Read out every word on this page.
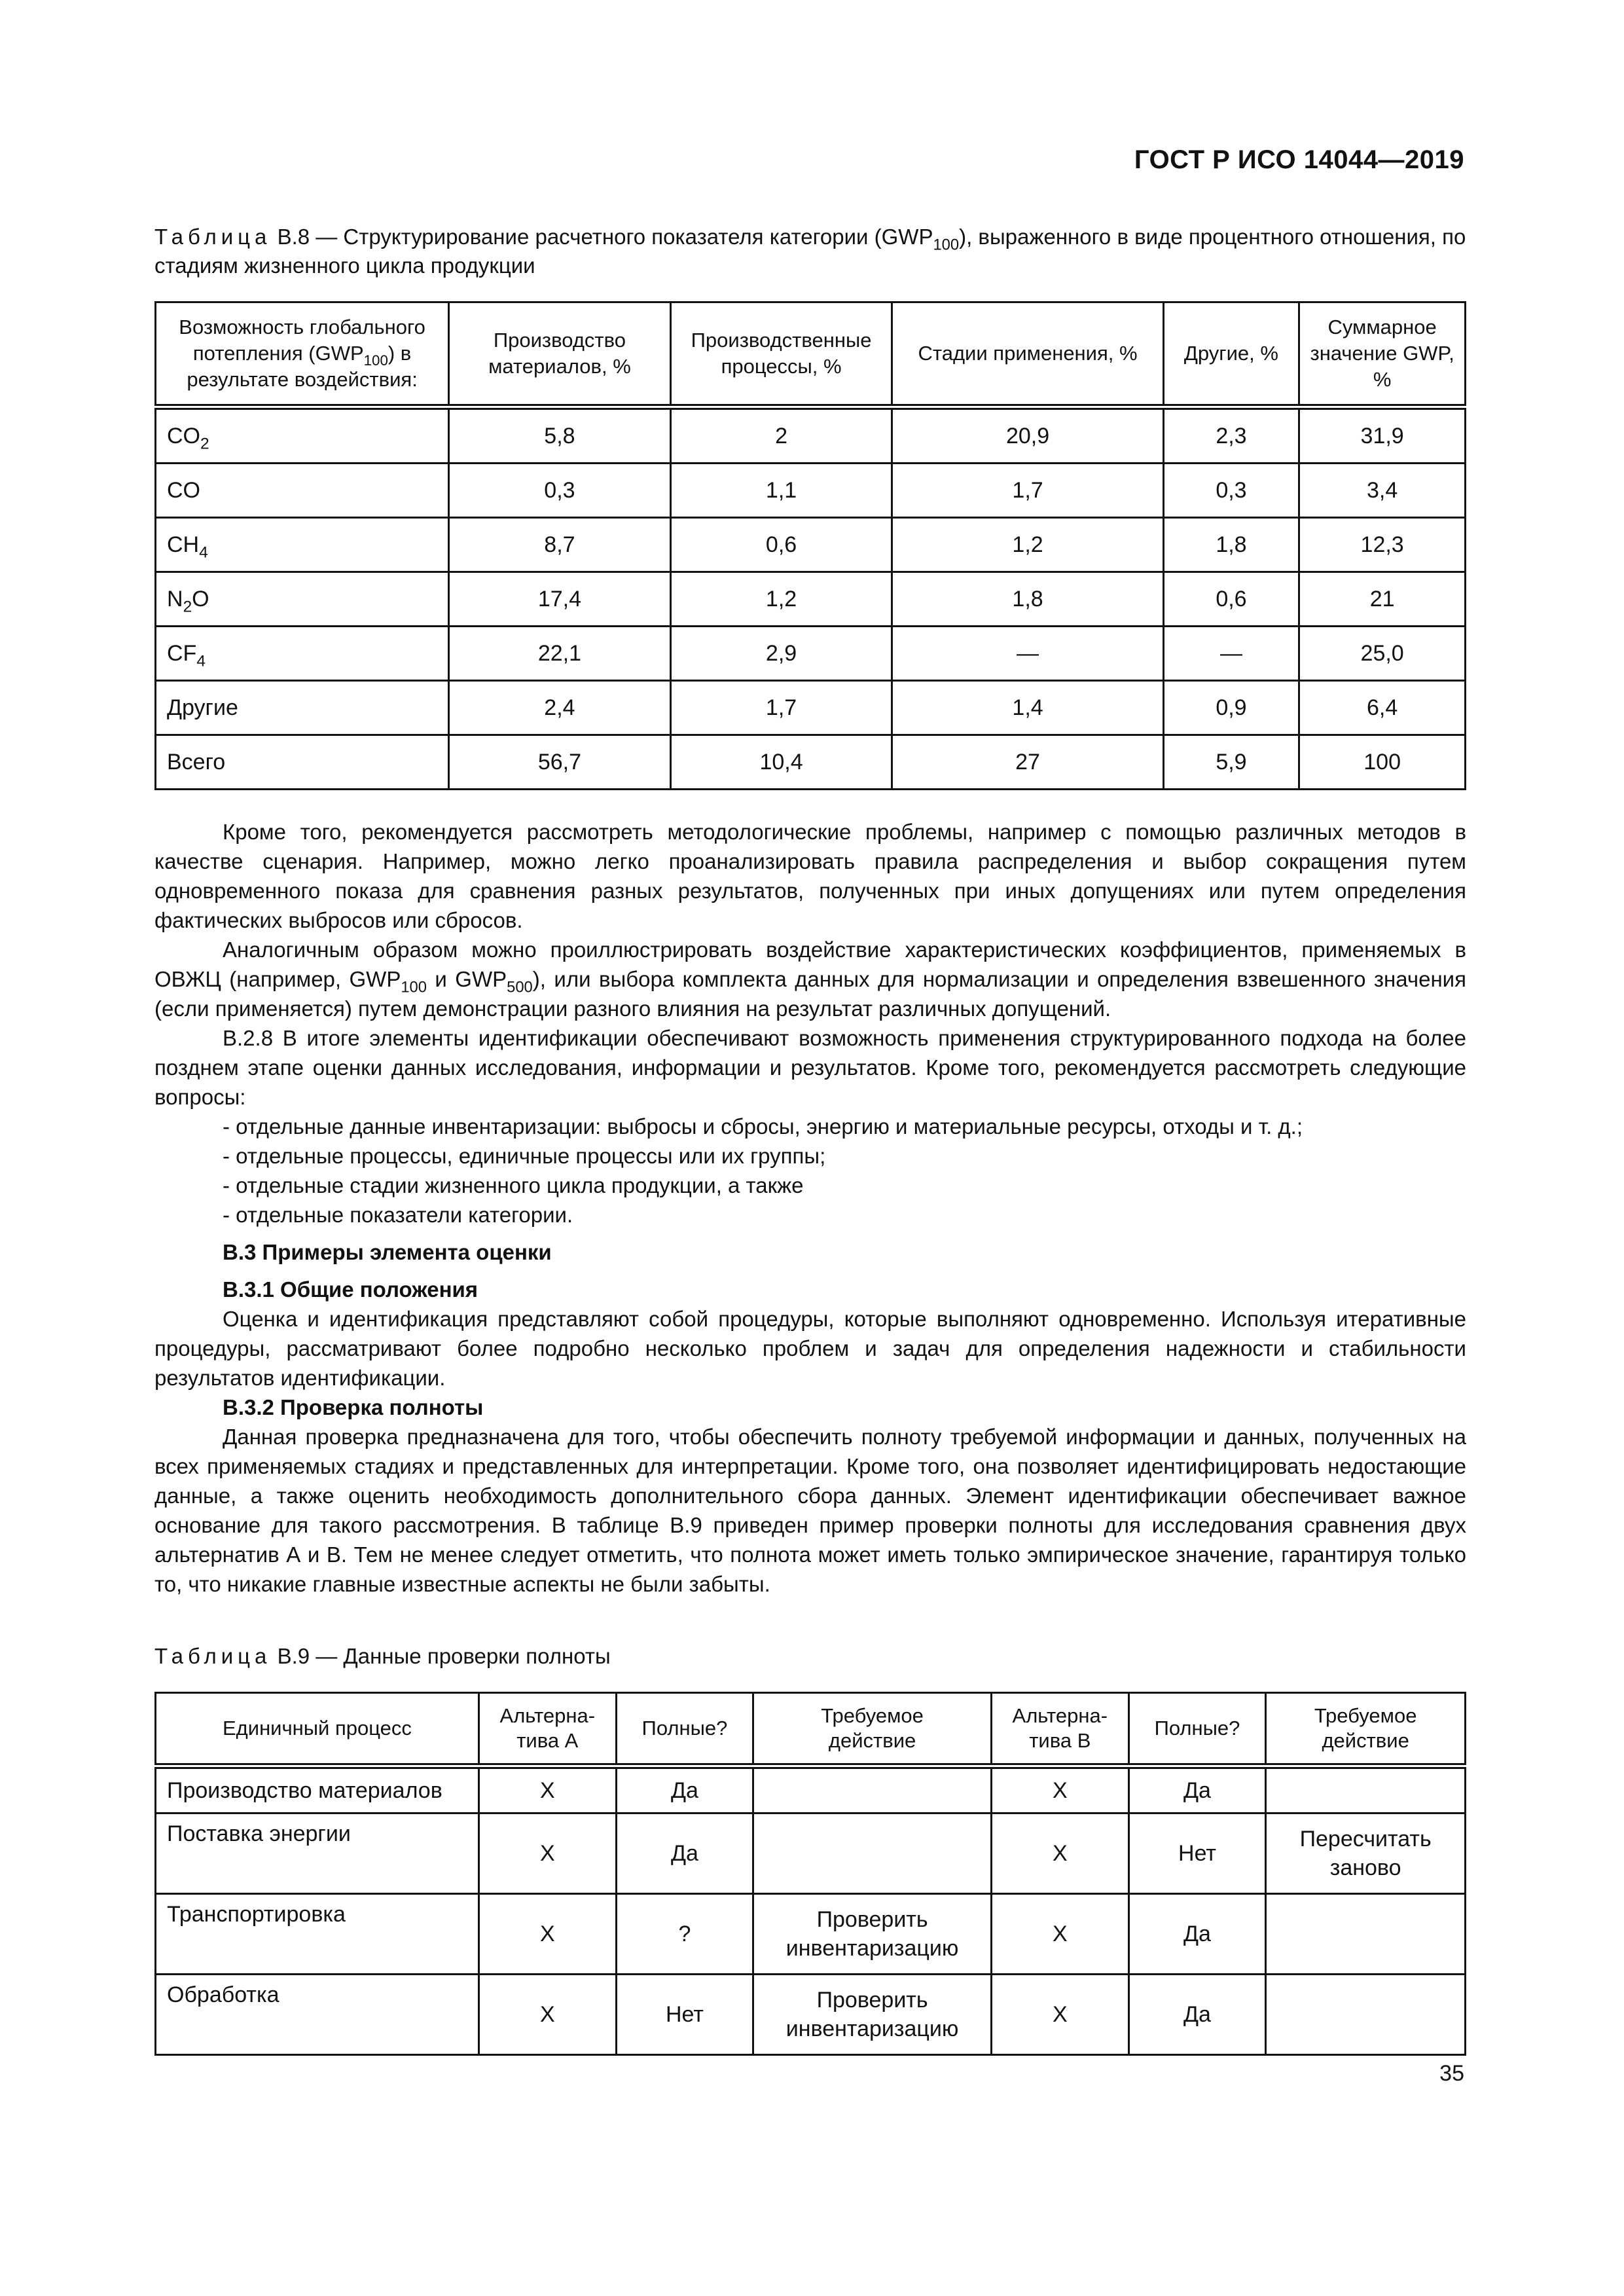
ГОСТ Р ИСО 14044—2019
Таблица В.8 — Структурирование расчетного показателя категории $(GWP_{100})$, выраженного в виде процентного отношения, по стадиям жизненного цикла продукции
Возможность глобального потепления $(GWP_{100})$ в результате воздействия:	Производство материалов, %	Производственные процессы, %	Стадии применения, %	Другие, %	Суммарное значение GWP, %
$CO_2$	5,8	2	20,9	2,3	31,9
CO	0,3	1,1	1,7	0,3	3,4
$CH_4$	8,7	0,6	1,2	1,8	12,3
$N_2O$	17,4	1,2	1,8	0,6	21
$CF_4$	22,1	2,9	—	—	25,0
Другие	2,4	1,7	1,4	0,9	6,4
Всего	56,7	10,4	27	5,9	100

Кроме того, рекомендуется рассмотреть методологические проблемы, например с помощью различных методов в качестве сценария. Например, можно легко проанализировать правила распределения и выбор сокращения путем одновременного показа для сравнения разных результатов, полученных при иных допущениях или путем определения фактических выбросов или сбросов.

Аналогичным образом можно проиллюстрировать воздействие характеристических коэффициентов, применяемых в ОВЖЦ (например, $GWP_{100}$ и $GWP_{500}$), или выбора комплекта данных для нормализации и определения взвешенного значения (если применяется) путем демонстрации разного влияния на результат различных допущений.

В.2.8 В итоге элементы идентификации обеспечивают возможность применения структурированного подхода на более позднем этапе оценки данных исследования, информации и результатов. Кроме того, рекомендуется рассмотреть следующие вопросы:

- отдельные данные инвентаризации: выбросы и сбросы, энергию и материальные ресурсы, отходы и т. д.;

- отдельные процессы, единичные процессы или их группы;

- отдельные стадии жизненного цикла продукции, а также

- отдельные показатели категории.

В.3 Примеры элемента оценки

В.3.1 Общие положения

Оценка и идентификация представляют собой процедуры, которые выполняют одновременно. Используя итеративные процедуры, рассматривают более подробно несколько проблем и задач для определения надежности и стабильности результатов идентификации.

В.3.2 Проверка полноты

Данная проверка предназначена для того, чтобы обеспечить полноту требуемой информации и данных, полученных на всех применяемых стадиях и представленных для интерпретации. Кроме того, она позволяет идентифицировать недостающие данные, а также оценить необходимость дополнительного сбора данных. Элемент идентификации обеспечивает важное основание для такого рассмотрения. В таблице В.9 приведен пример проверки полноты для исследования сравнения двух альтернатив А и В. Тем не менее следует отметить, что полнота может иметь только эмпирическое значение, гарантируя только то, что никакие главные известные аспекты не были забыты.

Таблица В.9 — Данные проверки полноты
Единичный процесс	Альтерна-тива А	Полные?	Требуемое действие	Альтерна-тива В	Полные?	Требуемое действие
Производство материалов	X	Да		X	Да	
Поставка энергии	X	Да		X	Нет	Пересчитать заново
Транспортировка	X	?	Проверить инвентаризацию	X	Да	
Обработка	X	Нет	Проверить инвентаризацию	X	Да	
35
